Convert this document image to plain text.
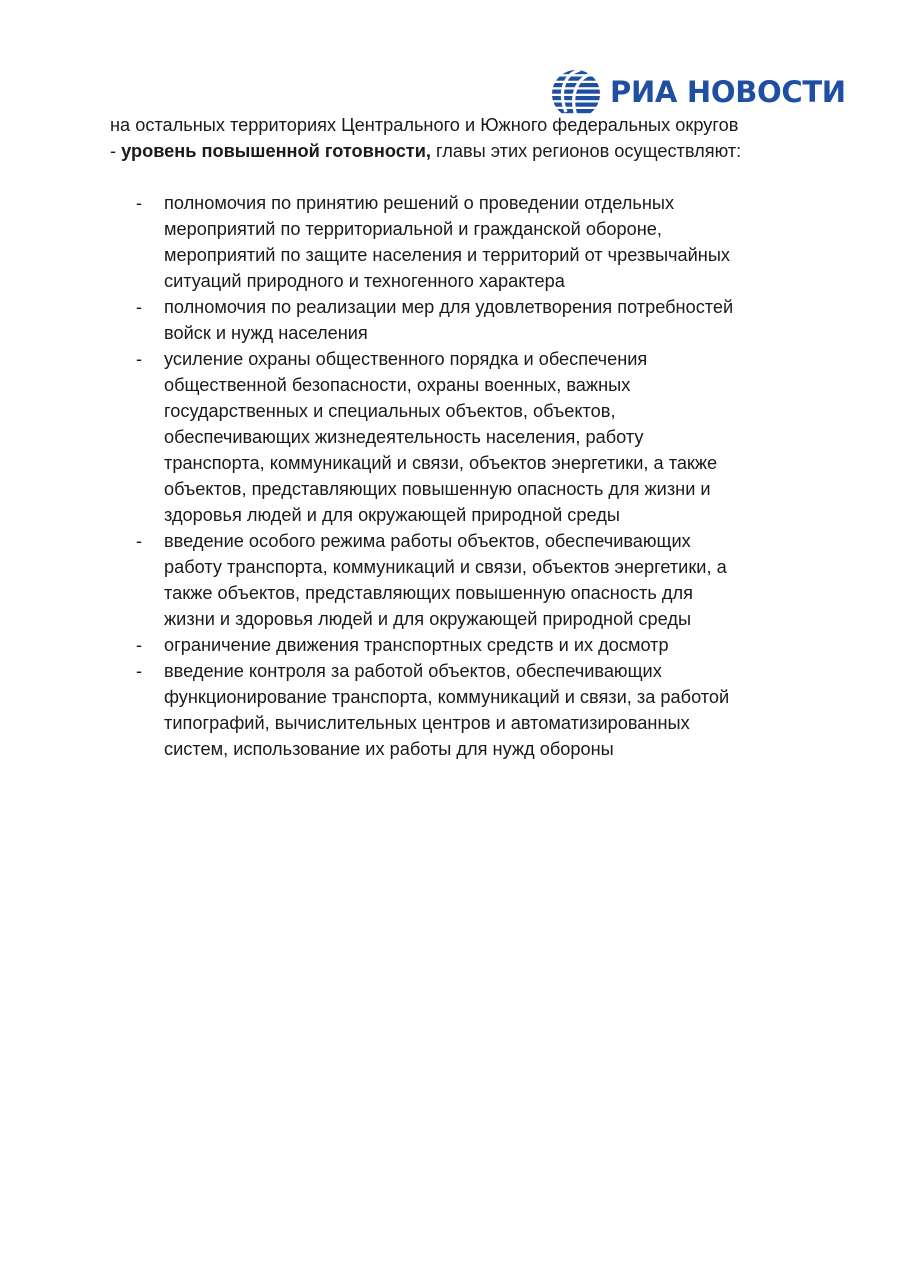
РИА НОВОСТИ

на остальных территориях Центрального и Южного федеральных округов
- уровень повышенной готовности, главы этих регионов осуществляют:

- полномочия по принятию решений о проведении отдельных
мероприятий по территориальной и гражданской обороне,
мероприятий по защите населения и территорий от чрезвычайных
ситуаций природного и техногенного характера
- полномочия по реализации мер для удовлетворения потребностей
войск и нужд населения
- усиление охраны общественного порядка и обеспечения
общественной безопасности, охраны военных, важных
государственных и специальных объектов, объектов,
обеспечивающих жизнедеятельность населения, работу
транспорта, коммуникаций и связи, объектов энергетики, а также
объектов, представляющих повышенную опасность для жизни и
здоровья людей и для окружающей природной среды
- введение особого режима работы объектов, обеспечивающих
работу транспорта, коммуникаций и связи, объектов энергетики, а
также объектов, представляющих повышенную опасность для
жизни и здоровья людей и для окружающей природной среды
- ограничение движения транспортных средств и их досмотр
- введение контроля за работой объектов, обеспечивающих
функционирование транспорта, коммуникаций и связи, за работой
типографий, вычислительных центров и автоматизированных
систем, использование их работы для нужд обороны
